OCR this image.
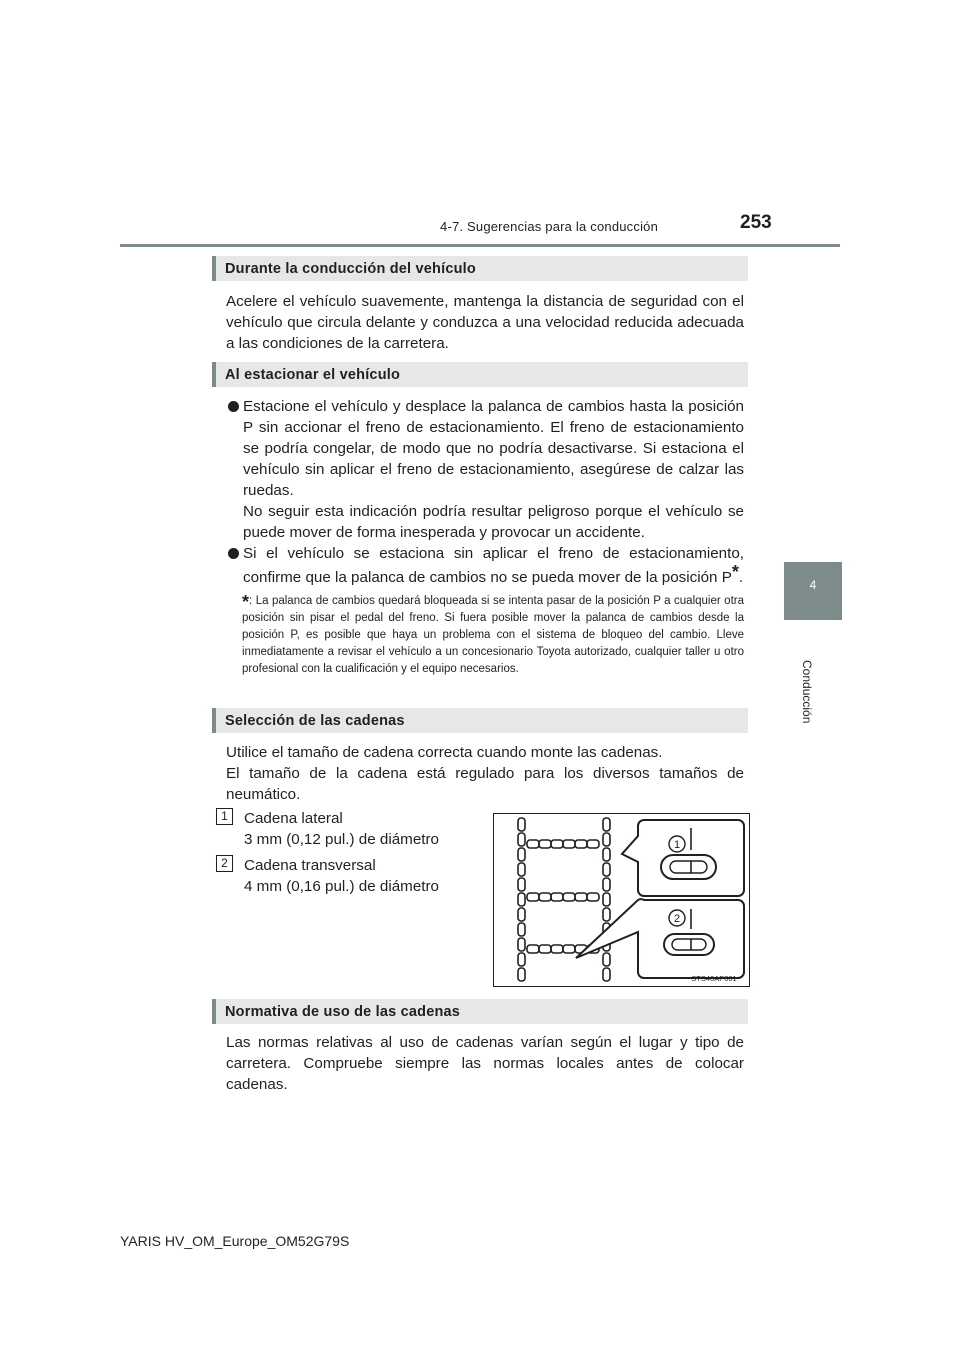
4-7. Sugerencias para la conducción	253
4
Conducción
Durante la conducción del vehículo
Acelere el vehículo suavemente, mantenga la distancia de seguridad con el vehículo que circula delante y conduzca a una velocidad reducida adecuada a las condiciones de la carretera.
Al estacionar el vehículo
Estacione el vehículo y desplace la palanca de cambios hasta la posición P sin accionar el freno de estacionamiento. El freno de estacionamiento se podría congelar, de modo que no podría desactivarse. Si estaciona el vehículo sin aplicar el freno de estacionamiento, asegúrese de calzar las ruedas.
No seguir esta indicación podría resultar peligroso porque el vehículo se puede mover de forma inesperada y provocar un accidente.
Si el vehículo se estaciona sin aplicar el freno de estacionamiento, confirme que la palanca de cambios no se pueda mover de la posición P*.
*: La palanca de cambios quedará bloqueada si se intenta pasar de la posición P a cualquier otra posición sin pisar el pedal del freno. Si fuera posible mover la palanca de cambios desde la posición P, es posible que haya un problema con el sistema de bloqueo del cambio. Lleve inmediatamente a revisar el vehículo a un concesionario Toyota autorizado, cualquier taller u otro profesional con la cualificación y el equipo necesarios.
Selección de las cadenas
Utilice el tamaño de cadena correcta cuando monte las cadenas.
El tamaño de la cadena está regulado para los diversos tamaños de neumático.
1	Cadena lateral
3 mm (0,12 pul.) de diámetro
2	Cadena transversal
4 mm (0,16 pul.) de diámetro
1
2
STS46AP001
Normativa de uso de las cadenas
Las normas relativas al uso de cadenas varían según el lugar y tipo de carretera. Compruebe siempre las normas locales antes de colocar cadenas.
YARIS HV_OM_Europe_OM52G79S
